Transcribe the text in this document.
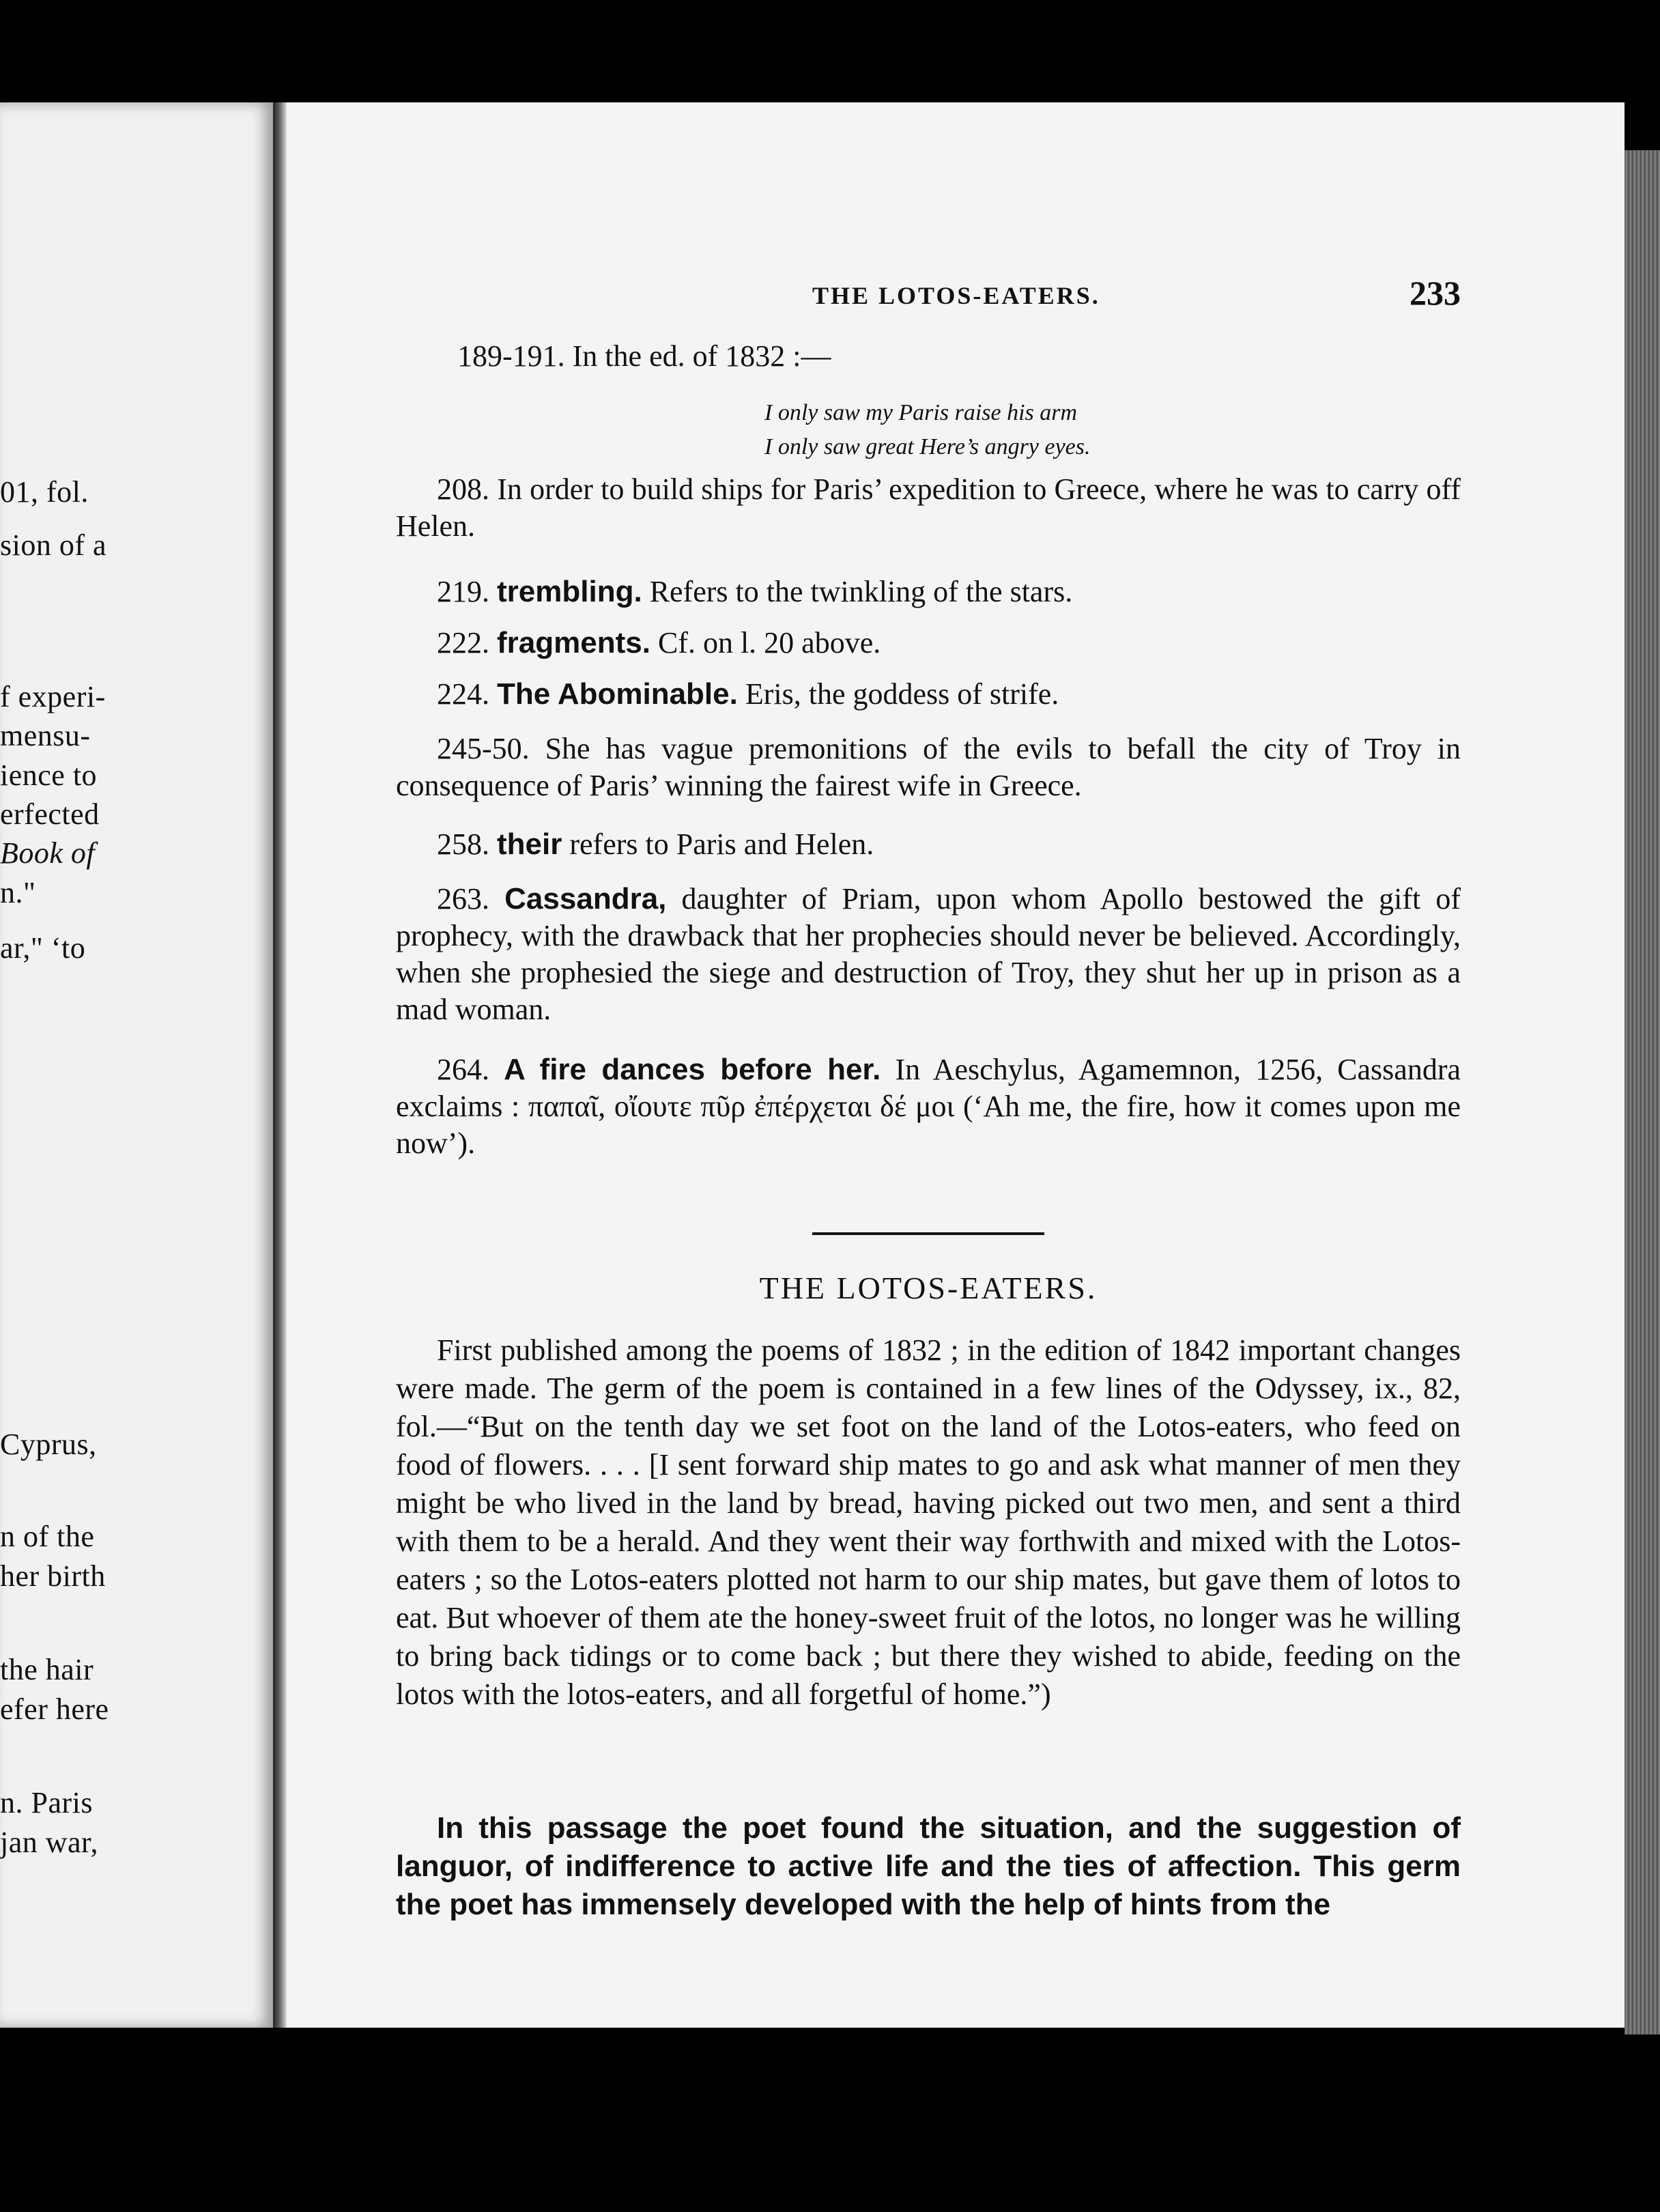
01, fol.
sion of a
f experi-
mensu-
ience to
erfected
Book of
n."
ar," ‘to
Cyprus,
n of the
her birth
the hair
efer here
n. Paris
jan war,
THE LOTOS-EATERS.	233
189-191. In the ed. of 1832 :—
I only saw my Paris raise his arm
I only saw great Here’s angry eyes.
208. In order to build ships for Paris’ expedition to Greece, where he was to carry off Helen.
219. trembling. Refers to the twinkling of the stars.
222. fragments. Cf. on l. 20 above.
224. The Abominable. Eris, the goddess of strife.
245-50. She has vague premonitions of the evils to befall the city of Troy in consequence of Paris’ winning the fairest wife in Greece.
258. their refers to Paris and Helen.
263. Cassandra, daughter of Priam, upon whom Apollo bestowed the gift of prophecy, with the drawback that her prophecies should never be believed. Accordingly, when she prophesied the siege and destruction of Troy, they shut her up in prison as a mad woman.
264. A fire dances before her. In Aeschylus, Agamemnon, 1256, Cassandra exclaims : παπαῖ, οἴουτε πῦρ ἐπέρχεται δέ μοι (‘Ah me, the fire, how it comes upon me now’).
THE LOTOS-EATERS.
First published among the poems of 1832 ; in the edition of 1842 important changes were made. The germ of the poem is contained in a few lines of the Odyssey, ix., 82, fol.—“But on the tenth day we set foot on the land of the Lotos-eaters, who feed on food of flowers. . . . [I sent forward ship mates to go and ask what manner of men they might be who lived in the land by bread, having picked out two men, and sent a third with them to be a herald. And they went their way forthwith and mixed with the Lotos-eaters ; so the Lotos-eaters plotted not harm to our ship mates, but gave them of lotos to eat. But whoever of them ate the honey-sweet fruit of the lotos, no longer was he willing to bring back tidings or to come back ; but there they wished to abide, feeding on the lotos with the lotos-eaters, and all forgetful of home.”)
In this passage the poet found the situation, and the suggestion of languor, of indifference to active life and the ties of affection. This germ the poet has immensely developed with the help of hints from the
